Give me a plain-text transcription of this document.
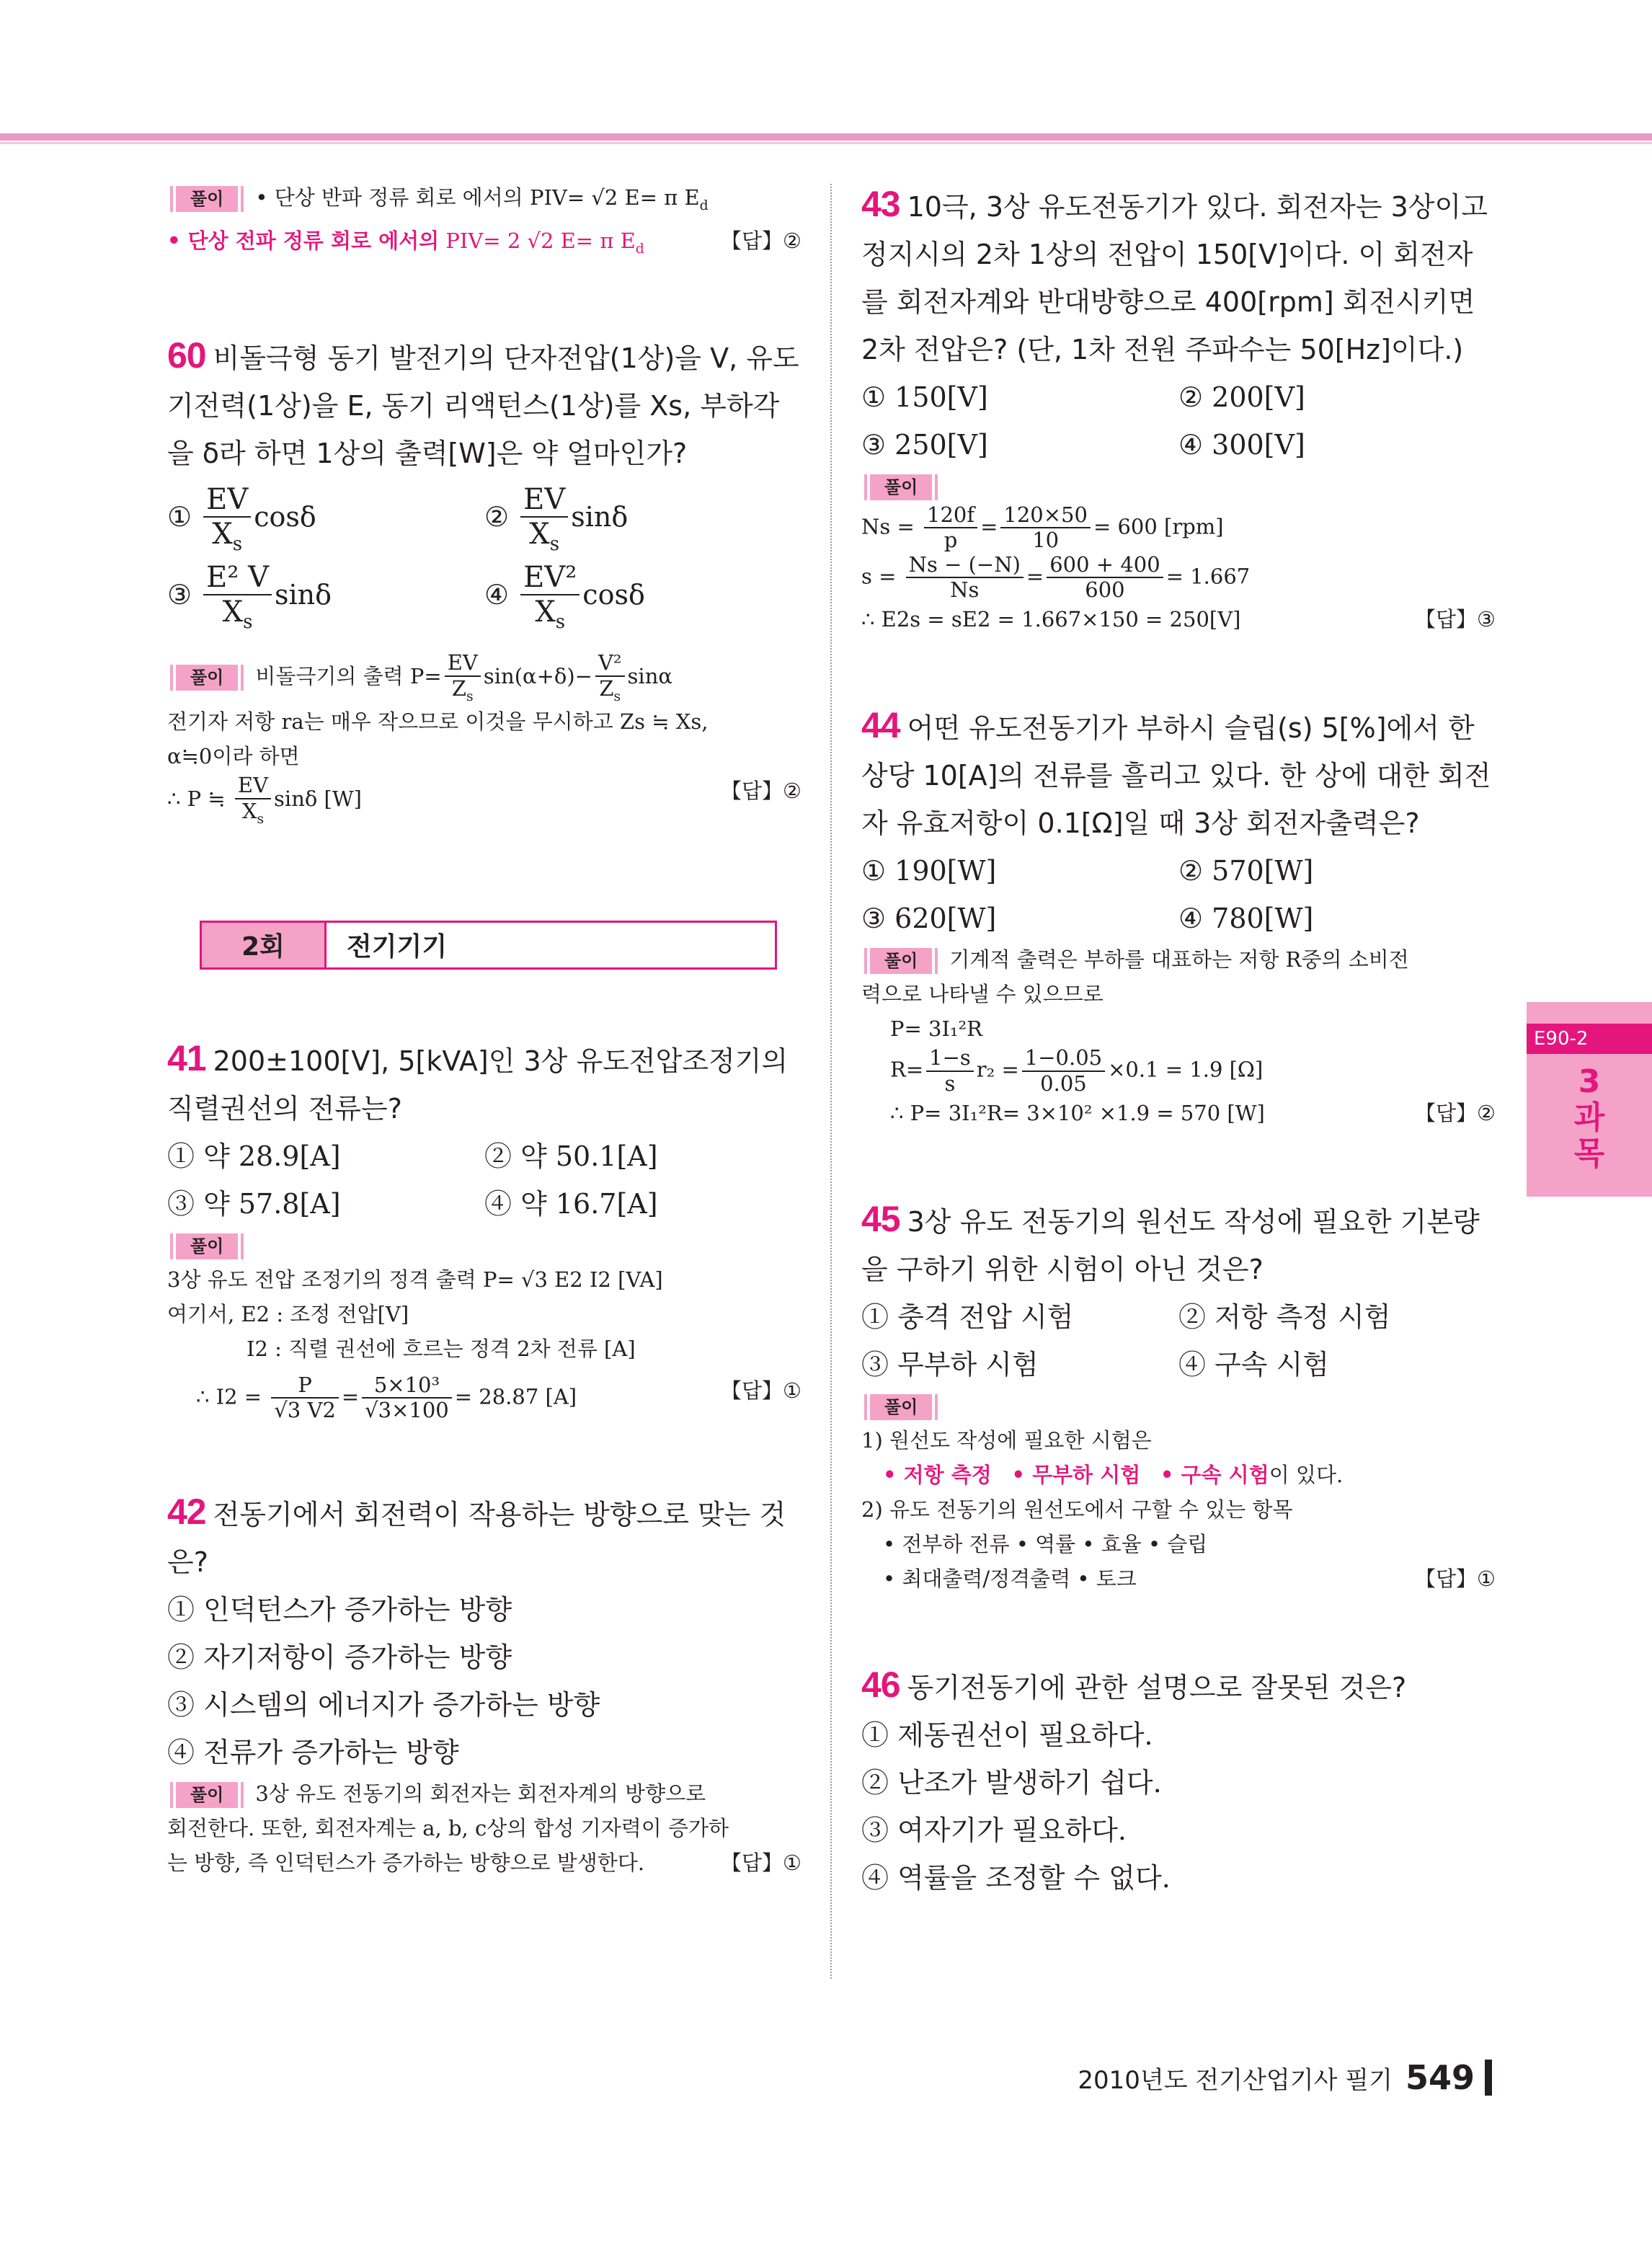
풀이 • 단상 반파 정류 회로 에서의 PIV= √2 E= π $E_d$
• 단상 전파 정류 회로 에서의 PIV= 2 √2 E= π $E_d$	【답】②
60 비돌극형 동기 발전기의 단자전압(1상)을 V, 유도 기전력(1상)을 E, 동기 리액턴스(1상)를 Xs, 부하각을 δ라 하면 1상의 출력[W]은 약 얼마인가?
① $\frac{EV}{X_s}$ cosδ	② $\frac{EV}{X_s}$ sinδ
③ $\frac{\text{E² V}}{X_s}$ sinδ	④ $\frac{\text{EV²}}{X_s}$ cosδ
풀이 비돌극기의 출력 $P= \frac{EV}{Z_s} \sin(\alpha+\delta)- \frac{\text{V²}}{Z_s}$ sinα
전기자 저항 ra는 매우 작으므로 이것을 무시하고 Zs ≒ Xs,
α≒0이라 하면
∴ P ≒ $\frac{EV}{X_s}$ sinδ [W]	【답】②
2회	전기기기
41 200±100[V], 5[kVA]인 3상 유도전압조정기의 직렬권선의 전류는?
① 약 28.9[A]	② 약 50.1[A]
③ 약 57.8[A]	④ 약 16.7[A]
풀이
3상 유도 전압 조정기의 정격 출력 P= √3 E2 I2 [VA]
여기서, E2 : 조정 전압[V]
I2 : 직렬 권선에 흐르는 정격 2차 전류 [A]
∴ $I2 = \frac{P}{√3 V2} = \frac{\text{5×10³}}{√3\times 100} = 28.87$ [A]	【답】①
42 전동기에서 회전력이 작용하는 방향으로 맞는 것은?
① 인덕턴스가 증가하는 방향
② 자기저항이 증가하는 방향
③ 시스템의 에너지가 증가하는 방향
④ 전류가 증가하는 방향
풀이 3상 유도 전동기의 회전자는 회전자계의 방향으로
회전한다. 또한, 회전자계는 a, b, c상의 합성 기자력이 증가하
는 방향, 즉 인덕턴스가 증가하는 방향으로 발생한다.	【답】①
43 10극, 3상 유도전동기가 있다. 회전자는 3상이고 정지시의 2차 1상의 전압이 150[V]이다. 이 회전자를 회전자계와 반대방향으로 400[rpm] 회전시키면 2차 전압은? (단, 1차 전원 주파수는 50[Hz]이다.)
① 150[V]	② 200[V]
③ 250[V]	④ 300[V]
풀이
$Ns = \frac{120f}{p} = \frac{120\times 50}{10} = 600$ [rpm]
$s = \frac{Ns - (-N)}{Ns} = \frac{600 + 400}{600} = 1.667$
∴ E2s = sE2 = 1.667×150 = 250[V]	【답】③
44 어떤 유도전동기가 부하시 슬립(s) 5[%]에서 한 상당 10[A]의 전류를 흘리고 있다. 한 상에 대한 회전자 유효저항이 0.1[Ω]일 때 3상 회전자출력은?
① 190[W]	② 570[W]
③ 620[W]	④ 780[W]
풀이 기계적 출력은 부하를 대표하는 저항 R중의 소비전
력으로 나타낼 수 있으므로
P= 3I₁²R
$R= \frac{1-s}{s} r_2 = \frac{1-0.05}{0.05} \times 0.1 = 1.9$ [Ω]
∴ P= 3I₁²R= 3×10² ×1.9 = 570 [W]	【답】②
45 3상 유도 전동기의 원선도 작성에 필요한 기본량을 구하기 위한 시험이 아닌 것은?
① 충격 전압 시험	② 저항 측정 시험
③ 무부하 시험	④ 구속 시험
풀이
1) 원선도 작성에 필요한 시험은
• 저항 측정 • 무부하 시험 • 구속 시험이 있다.
2) 유도 전동기의 원선도에서 구할 수 있는 항목
• 전부하 전류 • 역률 • 효율 • 슬립
• 최대출력/정격출력 • 토크	【답】①
46 동기전동기에 관한 설명으로 잘못된 것은?
① 제동권선이 필요하다.
② 난조가 발생하기 쉽다.
③ 여자기가 필요하다.
④ 역률을 조정할 수 없다.
E90-2
3
과
목
2010년도 전기산업기사 필기 549
